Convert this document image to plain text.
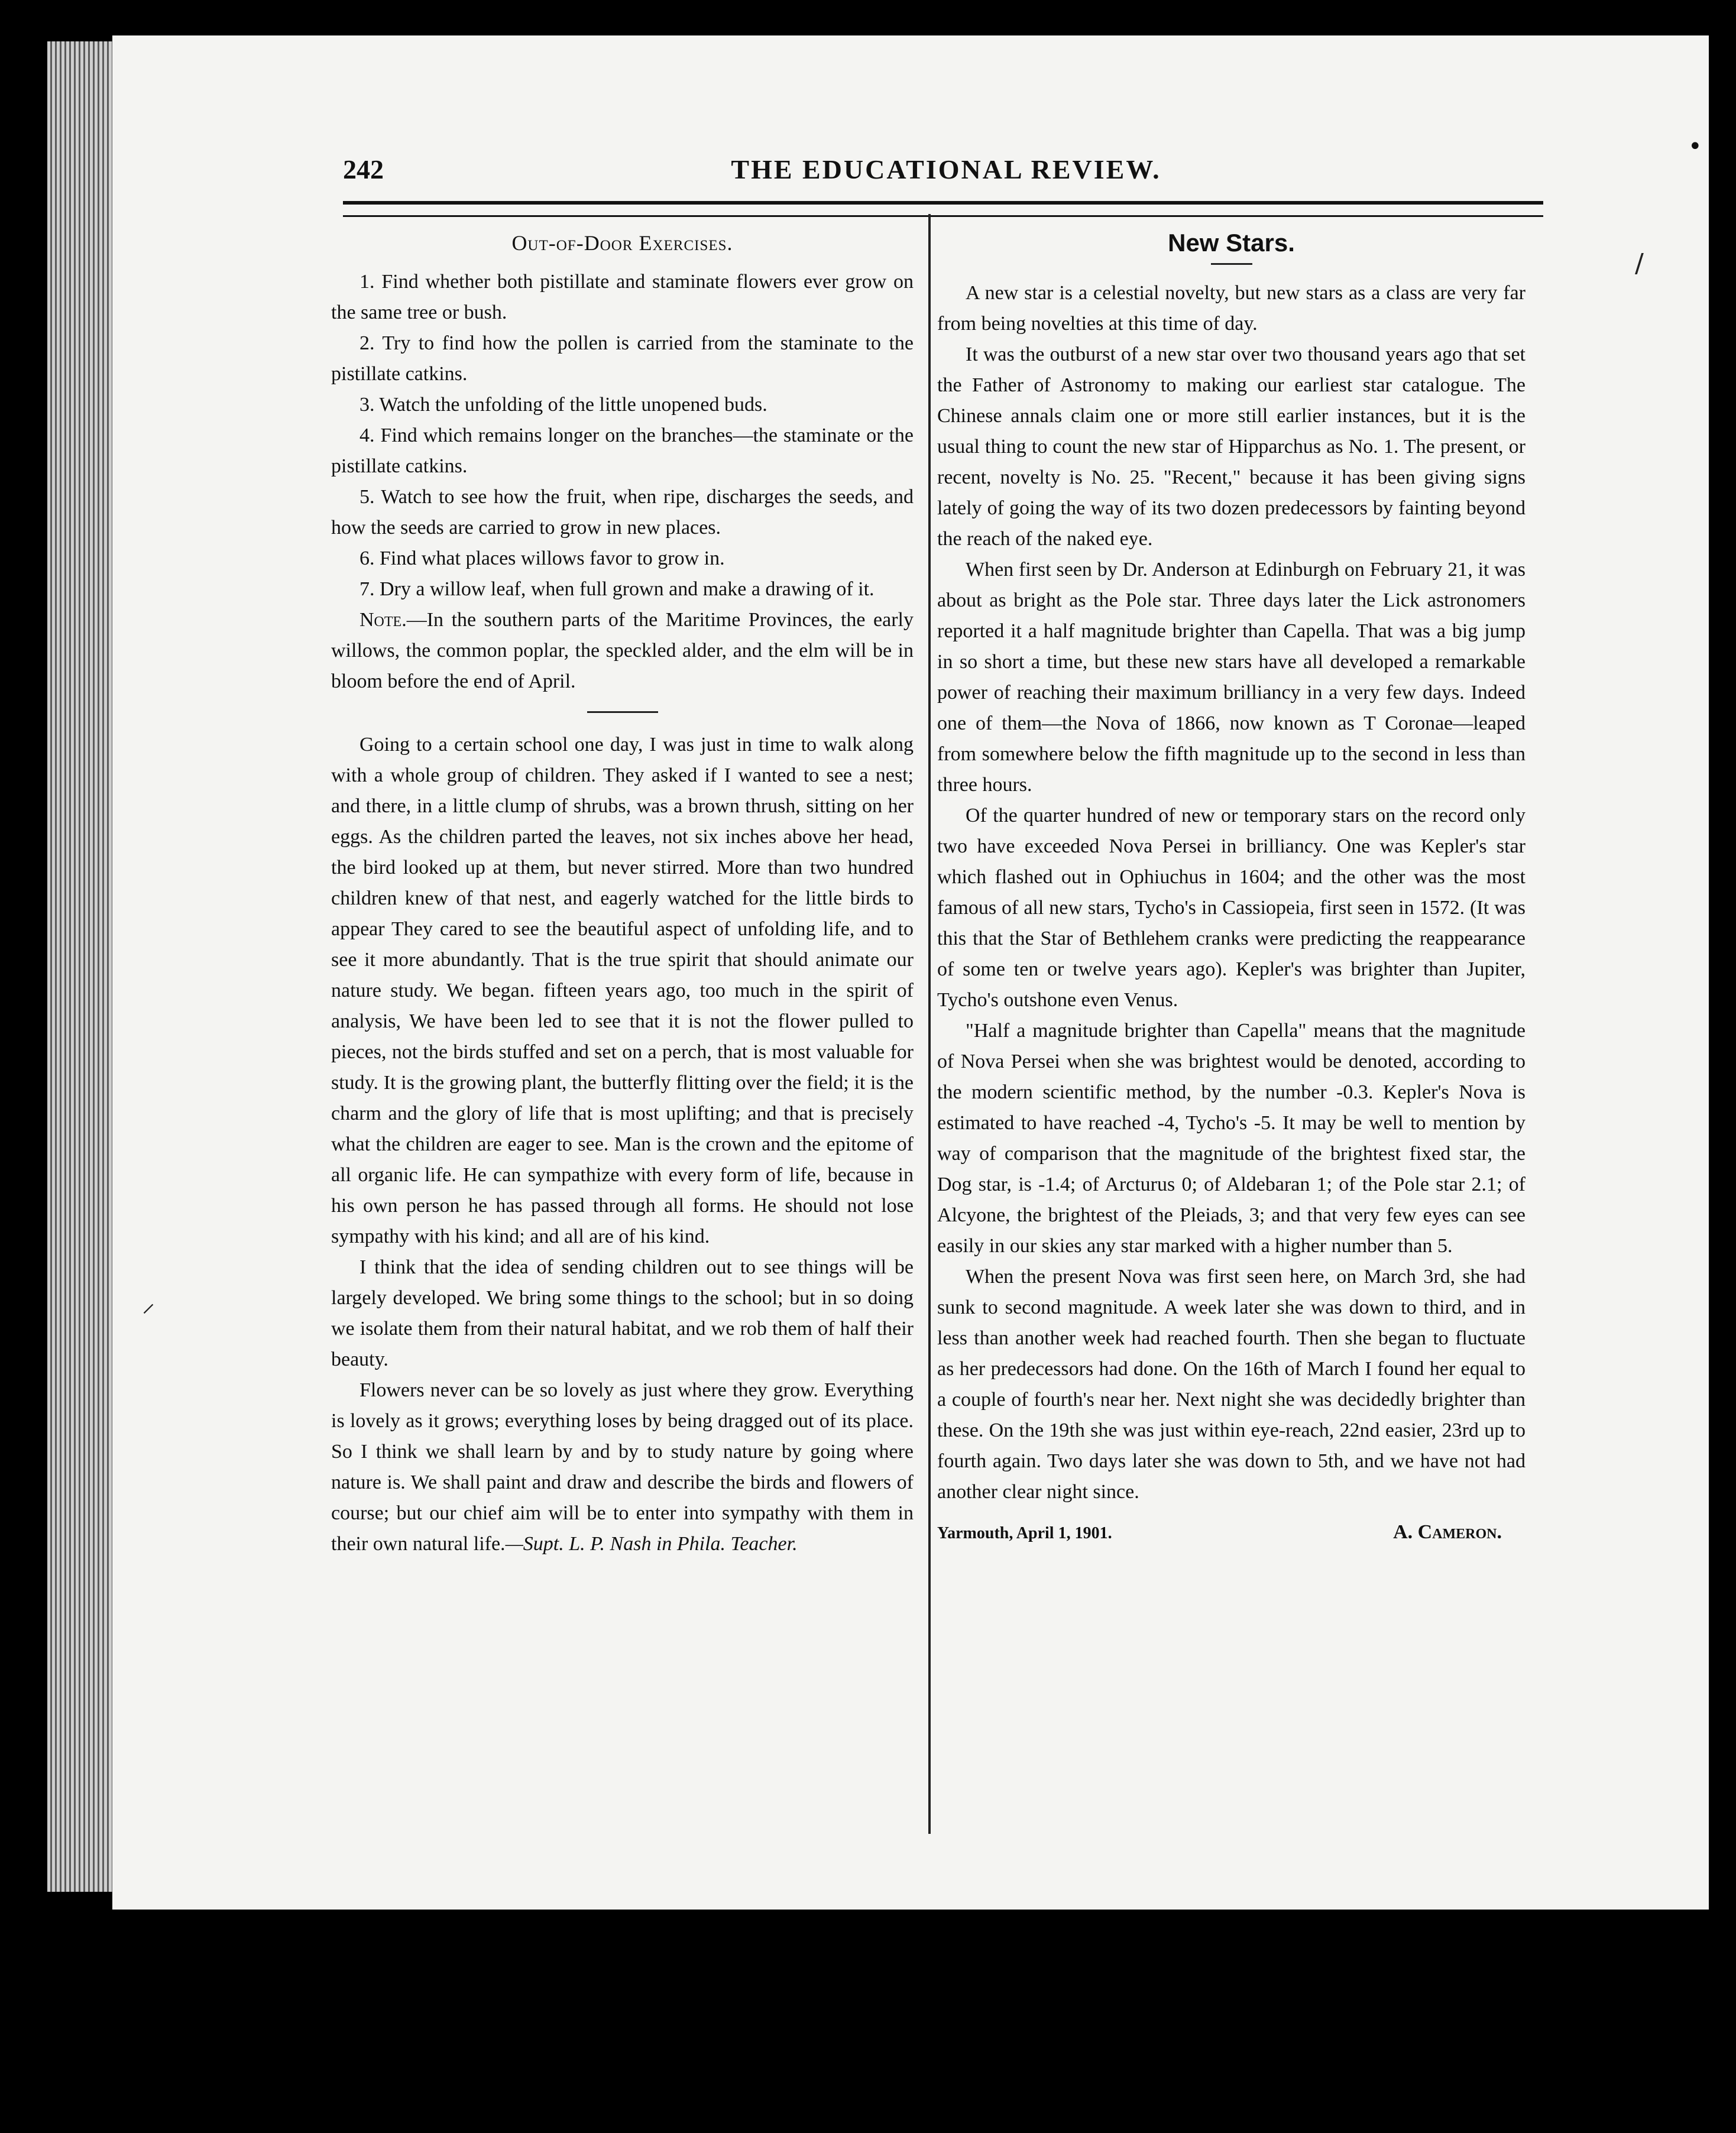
•
⸍
/
242	THE EDUCATIONAL REVIEW.
Out-of-Door Exercises.

1. Find whether both pistillate and staminate flowers ever grow on the same tree or bush.

2. Try to find how the pollen is carried from the staminate to the pistillate catkins.

3. Watch the unfolding of the little unopened buds.

4. Find which remains longer on the branches—the staminate or the pistillate catkins.

5. Watch to see how the fruit, when ripe, discharges the seeds, and how the seeds are carried to grow in new places.

6. Find what places willows favor to grow in.

7. Dry a willow leaf, when full grown and make a drawing of it.

Note.—In the southern parts of the Maritime Provinces, the early willows, the common poplar, the speckled alder, and the elm will be in bloom before the end of April.

Going to a certain school one day, I was just in time to walk along with a whole group of children. They asked if I wanted to see a nest; and there, in a little clump of shrubs, was a brown thrush, sitting on her eggs. As the children parted the leaves, not six inches above her head, the bird looked up at them, but never stirred. More than two hundred children knew of that nest, and eagerly watched for the little birds to appear They cared to see the beautiful aspect of unfolding life, and to see it more abundantly. That is the true spirit that should animate our nature study. We began. fifteen years ago, too much in the spirit of analysis, We have been led to see that it is not the flower pulled to pieces, not the birds stuffed and set on a perch, that is most valuable for study. It is the growing plant, the butterfly flitting over the field; it is the charm and the glory of life that is most uplifting; and that is precisely what the children are eager to see. Man is the crown and the epitome of all organic life. He can sympathize with every form of life, because in his own person he has passed through all forms. He should not lose sympathy with his kind; and all are of his kind.

I think that the idea of sending children out to see things will be largely developed. We bring some things to the school; but in so doing we isolate them from their natural habitat, and we rob them of half their beauty.

Flowers never can be so lovely as just where they grow. Everything is lovely as it grows; everything loses by being dragged out of its place. So I think we shall learn by and by to study nature by going where nature is. We shall paint and draw and describe the birds and flowers of course; but our chief aim will be to enter into sympathy with them in their own natural life.—Supt. L. P. Nash in Phila. Teacher.

New Stars.

A new star is a celestial novelty, but new stars as a class are very far from being novelties at this time of day.

It was the outburst of a new star over two thousand years ago that set the Father of Astronomy to making our earliest star catalogue. The Chinese annals claim one or more still earlier instances, but it is the usual thing to count the new star of Hipparchus as No. 1. The present, or recent, novelty is No. 25. "Recent," because it has been giving signs lately of going the way of its two dozen predecessors by fainting beyond the reach of the naked eye.

When first seen by Dr. Anderson at Edinburgh on February 21, it was about as bright as the Pole star. Three days later the Lick astronomers reported it a half magnitude brighter than Capella. That was a big jump in so short a time, but these new stars have all developed a remarkable power of reaching their maximum brilliancy in a very few days. Indeed one of them—the Nova of 1866, now known as T Coronae—leaped from somewhere below the fifth magnitude up to the second in less than three hours.

Of the quarter hundred of new or temporary stars on the record only two have exceeded Nova Persei in brilliancy. One was Kepler's star which flashed out in Ophiuchus in 1604; and the other was the most famous of all new stars, Tycho's in Cassiopeia, first seen in 1572. (It was this that the Star of Bethlehem cranks were predicting the reappearance of some ten or twelve years ago). Kepler's was brighter than Jupiter, Tycho's outshone even Venus.

"Half a magnitude brighter than Capella" means that the magnitude of Nova Persei when she was brightest would be denoted, according to the modern scientific method, by the number -0.3. Kepler's Nova is estimated to have reached -4, Tycho's -5. It may be well to mention by way of comparison that the magnitude of the brightest fixed star, the Dog star, is -1.4; of Arcturus 0; of Aldebaran 1; of the Pole star 2.1; of Alcyone, the brightest of the Pleiads, 3; and that very few eyes can see easily in our skies any star marked with a higher number than 5.

When the present Nova was first seen here, on March 3rd, she had sunk to second magnitude. A week later she was down to third, and in less than another week had reached fourth. Then she began to fluctuate as her predecessors had done. On the 16th of March I found her equal to a couple of fourth's near her. Next night she was decidedly brighter than these. On the 19th she was just within eye-reach, 22nd easier, 23rd up to fourth again. Two days later she was down to 5th, and we have not had another clear night since.

Yarmouth, April 1, 1901.	A. Cameron.
